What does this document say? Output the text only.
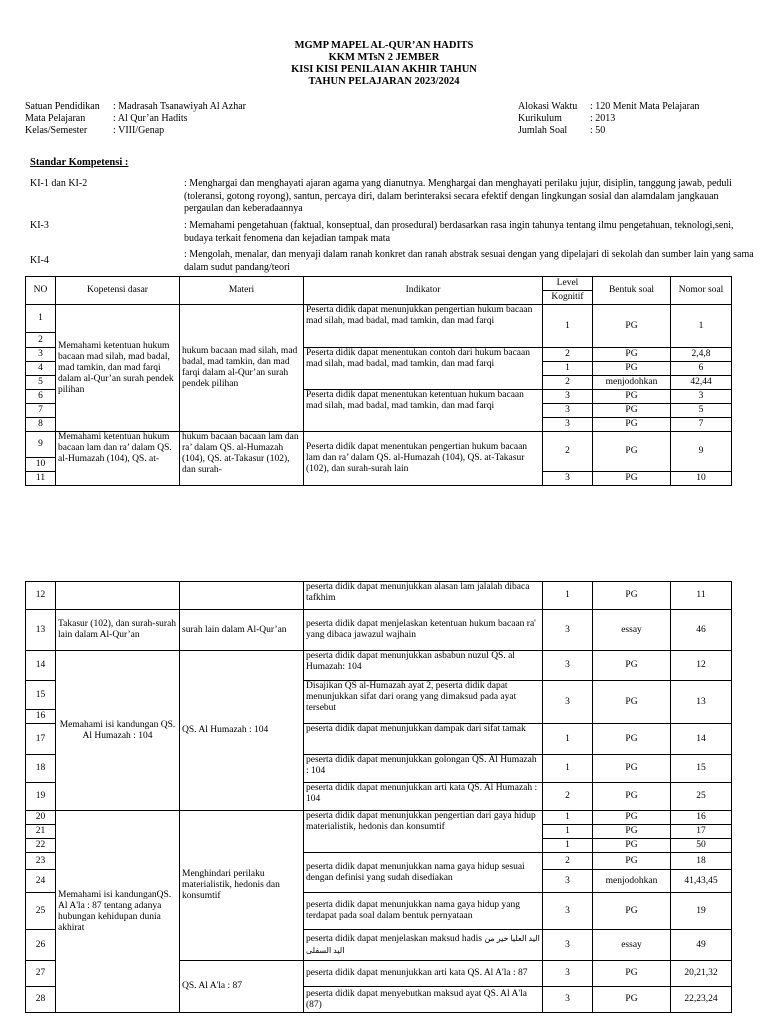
MGMP MAPEL AL-QUR’AN HADITS
KKM MTsN 2 JEMBER
KISI KISI PENILAIAN AKHIR TAHUN
TAHUN PELAJARAN 2023/2024
Satuan Pendidikan	: Madrasah Tsanawiyah Al Azhar
Mata Pelajaran	: Al Qur’an Hadits
Kelas/Semester	: VIII/Genap
Alokasi Waktu	: 120 Menit Mata Pelajaran
Kurikulum	: 2013
Jumlah Soal	: 50
Standar Kompetensi :
KI-1 dan KI-2	: Menghargai dan menghayati ajaran agama yang dianutnya. Menghargai dan menghayati perilaku jujur, disiplin, tanggung jawab, peduli (toleransi, gotong royong), santun, percaya diri, dalam berinteraksi secara efektif dengan lingkungan sosial dan alamdalam jangkauan pergaulan dan keberadaannya
KI-3	: Memahami pengetahuan (faktual, konseptual, dan prosedural) berdasarkan rasa ingin tahunya tentang ilmu pengetahuan, teknologi,seni, budaya terkait fenomena dan kejadian tampak mata
KI-4
: Mengolah, menalar, dan menyaji dalam ranah konkret dan ranah abstrak sesuai dengan yang dipelajari di sekolah dan sumber lain yang sama dalam sudut pandang/teori
NO	Kopetensi dasar	Materi	Indikator	Level	Bentuk soal	Nomor soal
				Kognitif		
1	Memahami ketentuan hukum bacaan mad silah, mad badal, mad tamkin, dan mad farqi dalam al-Qur’an surah pendek pilihan	hukum bacaan mad silah, mad badal, mad tamkin, dan mad farqi dalam al-Qur’an surah pendek pilihan	Peserta didik dapat menunjukkan pengertian hukum bacaan mad silah, mad badal, mad tamkin, dan mad farqi	1	PG	1
2						
3			Peserta didik dapat menentukan contoh dari hukum bacaan mad silah, mad badal, mad tamkin, dan mad farqi	2	PG	2,4,8
4				1	PG	6
5				2	menjodohkan	42,44
6			Peserta didik dapat menentukan ketentuan hukum bacaan mad silah, mad badal, mad tamkin, dan mad farqi	3	PG	3
7				3	PG	5
8				3	PG	7
9	Memahami ketentuan hukum bacaan lam dan ra’ dalam QS. al-Humazah (104), QS. at-	hukum bacaan bacaan lam dan ra’ dalam QS. al-Humazah (104), QS. at-Takasur (102), dan surah-	Peserta didik dapat menentukan pengertian hukum bacaan lam dan ra’ dalam QS. al-Humazah (104), QS. at-Takasur (102), dan surah-surah lain	2	PG	9
10						
11				3	PG	10
12			peserta didik dapat menunjukkan alasan lam jalalah dibaca tafkhim	1	PG	11
13	Takasur (102), dan surah-surah lain dalam Al-Qur’an	surah lain dalam Al-Qur’an	peserta didik dapat menjelaskan ketentuan hukum bacaan ra' yang dibaca jawazul wajhain	3	essay	46
14	Memahami isi kandungan QS. Al Humazah : 104	QS. Al Humazah : 104	peserta didik dapat menunjukkan asbabun nuzul QS. al Humazah: 104	3	PG	12
15			Disajikan QS al-Humazah ayat 2, peserta didik dapat menunjukkan sifat dari orang yang dimaksud pada ayat tersebut	3	PG	13
16						
17			peserta didik dapat menunjukkan dampak dari sifat tamak	1	PG	14
18			peserta didik dapat menunjukkan golongan QS. Al Humazah : 104	1	PG	15
19			peserta didik dapat menunjukkan arti kata QS. Al Humazah : 104	2	PG	25
20	Memahami isi kandunganQS. Al A'la : 87 tentang adanya hubungan kehidupan dunia akhirat	Menghindari perilaku materialistik, hedonis dan konsumtif	peserta didik dapat menunjukkan pengertian dari gaya hidup materialistik, hedonis dan konsumtif	1	PG	16
21				1	PG	17
22				1	PG	50
23			peserta didik dapat menunjukkan nama gaya hidup sesuai dengan definisi yang sudah disediakan	2	PG	18
24				3	menjodohkan	41,43,45
25			peserta didik dapat menunjukkan nama gaya hidup yang terdapat pada soal dalam bentuk pernyataan	3	PG	19
26			peserta didik dapat menjelaskan maksud hadis اليد العليا خير من اليد السفلى	3	essay	49
27		QS. Al A'la : 87	peserta didik dapat menunjukkan arti kata QS. Al A'la : 87	3	PG	20,21,32
28			peserta didik dapat menyebutkan maksud ayat QS. Al A'la (87)	3	PG	22,23,24
